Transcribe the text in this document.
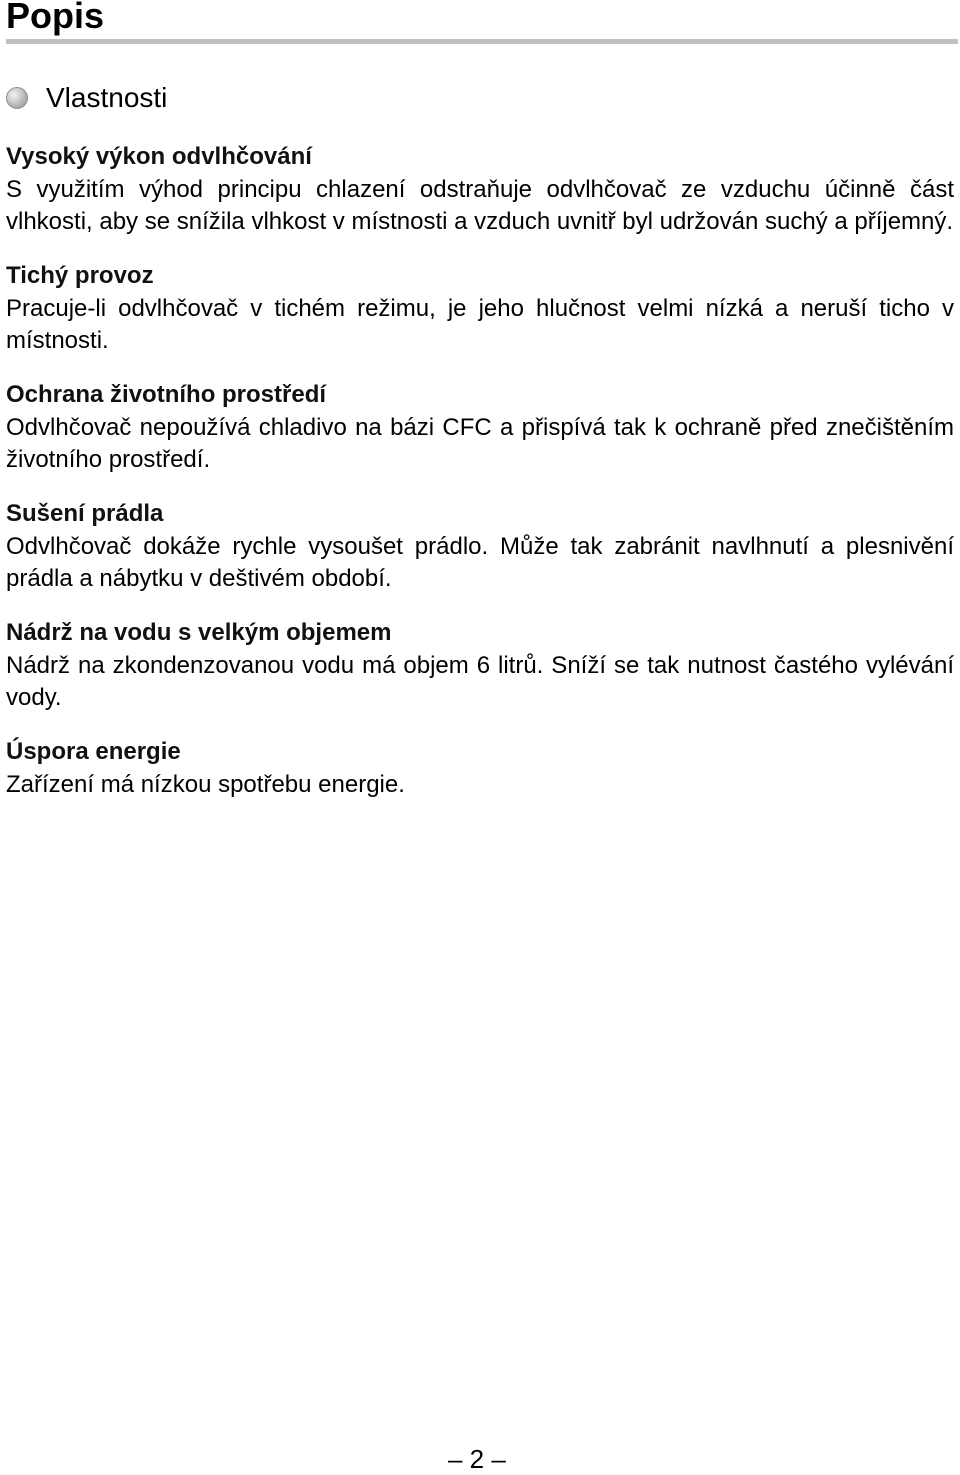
Popis
Vlastnosti
Vysoký výkon odvlhčování

S využitím výhod principu chlazení odstraňuje odvlhčovač ze vzduchu účinně část vlhkosti, aby se snížila vlhkost v místnosti a vzduch uvnitř byl udržován suchý a příjemný.

Tichý provoz

Pracuje-li odvlhčovač v tichém režimu, je jeho hlučnost velmi nízká a neruší ticho v místnosti.

Ochrana životního prostředí

Odvlhčovač nepoužívá chladivo na bázi CFC a přispívá tak k ochraně před znečištěním životního prostředí.

Sušení prádla

Odvlhčovač dokáže rychle vysoušet prádlo. Může tak zabránit navlhnutí a plesnivění prádla a nábytku v deštivém období.

Nádrž na vodu s velkým objemem

Nádrž na zkondenzovanou vodu má objem 6 litrů. Sníží se tak nutnost častého vylévání vody.

Úspora energie

Zařízení má nízkou spotřebu energie.

– 2 –
